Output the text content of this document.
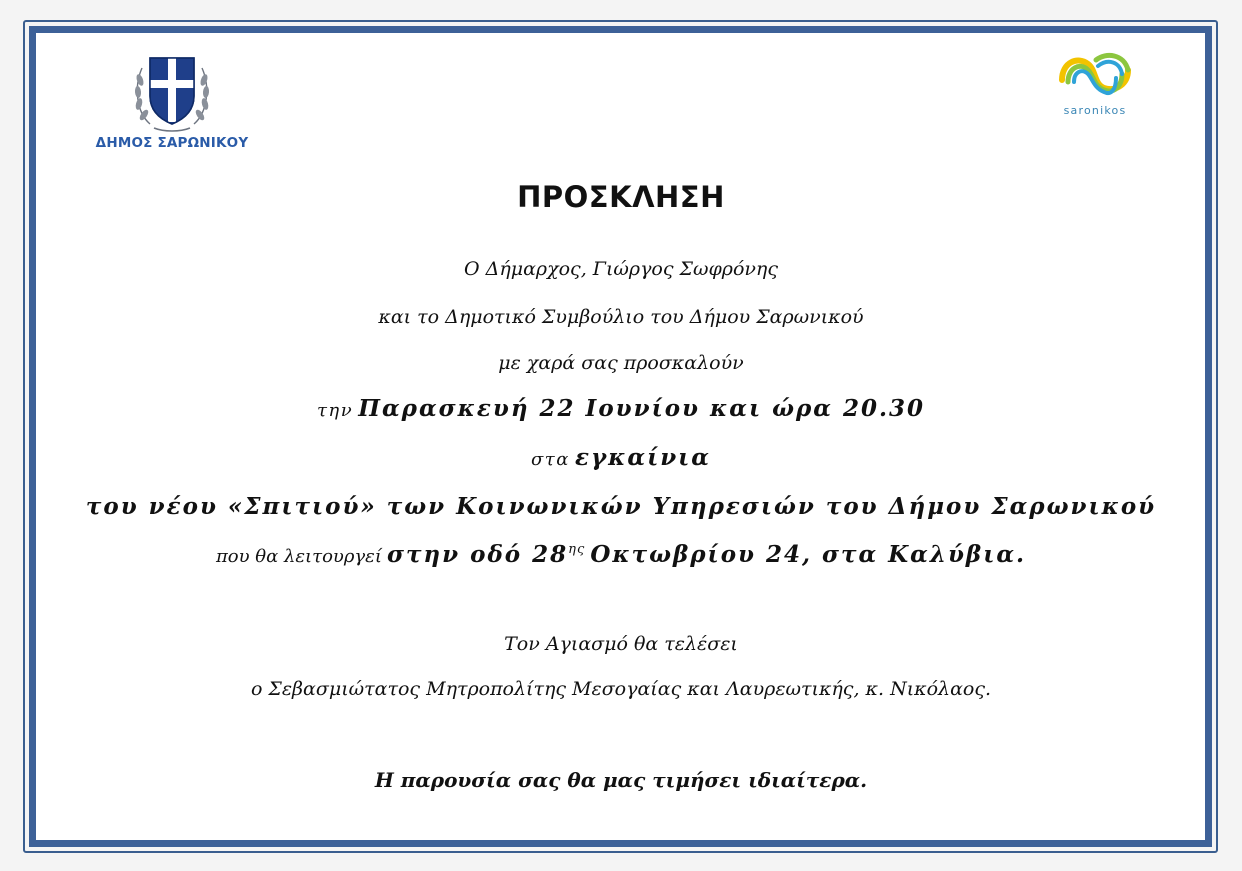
ΔΗΜΟΣ ΣΑΡΩΝΙΚΟΥ
saronikos
ΠΡΟΣΚΛΗΣΗ
Ο Δήμαρχος, Γιώργος Σωφρόνης
και το Δημοτικό Συμβούλιο του Δήμου Σαρωνικού
με χαρά σας προσκαλούν
την Παρασκευή 22 Ιουνίου και ώρα 20.30
στα εγκαίνια
του νέου «Σπιτιού» των Κοινωνικών Υπηρεσιών του Δήμου Σαρωνικού
που θα λειτουργεί στην οδό $28^{\eta\varsigma}$ Οκτωβρίου 24, στα Καλύβια.
Τον Αγιασμό θα τελέσει
ο Σεβασμιώτατος Μητροπολίτης Μεσογαίας και Λαυρεωτικής, κ. Νικόλαος.
Η παρουσία σας θα μας τιμήσει ιδιαίτερα.
